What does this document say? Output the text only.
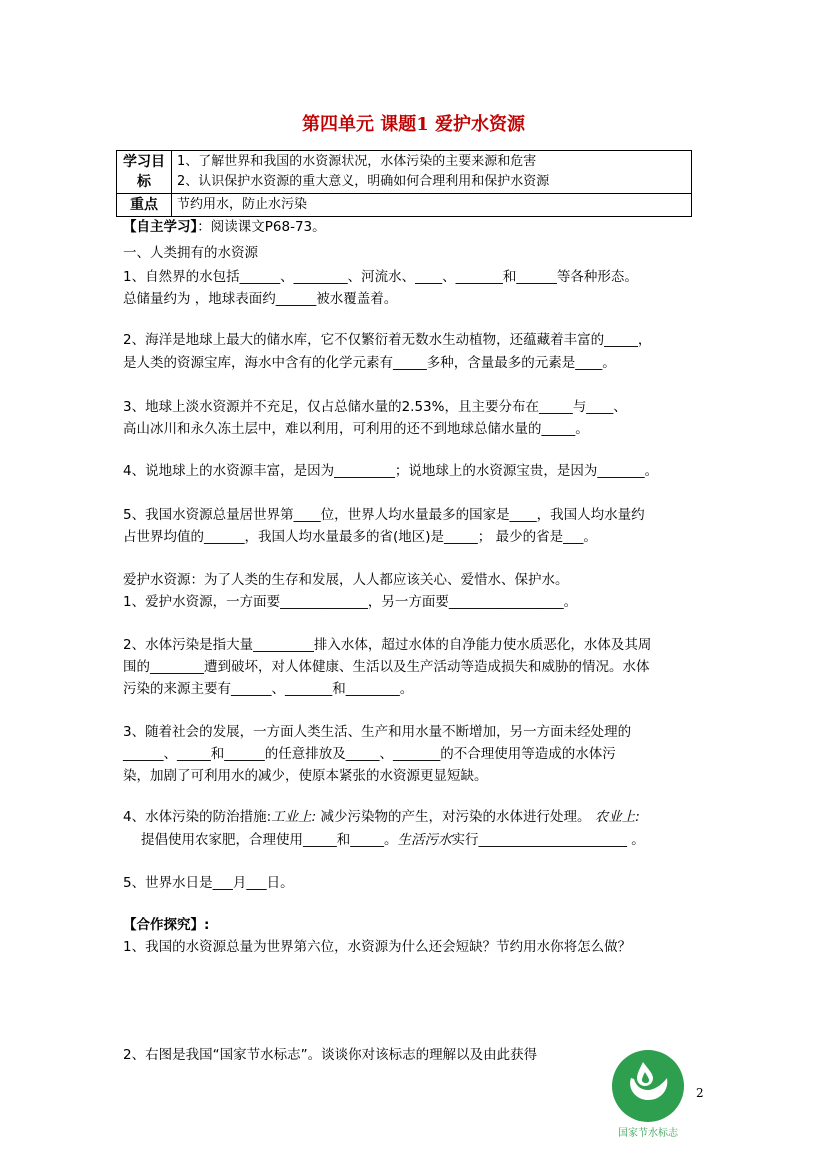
第四单元 课题1 爱护水资源
学习目标	1、了解世界和我国的水资源状况，水体污染的主要来源和危害
2、认识保护水资源的重大意义，明确如何合理利用和保护水资源

重点	节约用水，防止水污染
【自主学习】：阅读课文P68-73。
一、人类拥有的水资源
1、自然界的水包括______、________、河流水、____、_______和______等各种形态。
总储量约为 ，地球表面约______被水覆盖着。
2、海洋是地球上最大的储水库，它不仅繁衍着无数水生动植物，还蕴藏着丰富的_____，
是人类的资源宝库，海水中含有的化学元素有_____多种，含量最多的元素是____。
3、地球上淡水资源并不充足，仅占总储水量的2.53%，且主要分布在_____与____、
高山冰川和永久冻土层中，难以利用，可利用的还不到地球总储水量的_____。
4、说地球上的水资源丰富，是因为_________；说地球上的水资源宝贵，是因为_______。
5、我国水资源总量居世界第____位，世界人均水量最多的国家是____，我国人均水量约
占世界均值的______，我国人均水量最多的省(地区)是_____； 最少的省是___。
爱护水资源：为了人类的生存和发展，人人都应该关心、爱惜水、保护水。
1、爱护水资源，一方面要_____________，另一方面要_________________。
2、水体污染是指大量_________排入水体，超过水体的自净能力使水质恶化，水体及其周
围的________遭到破坏，对人体健康、生活以及生产活动等造成损失和威胁的情况。水体
污染的来源主要有______、_______和________。
3、随着社会的发展，一方面人类生活、生产和用水量不断增加，另一方面未经处理的
______、_____和______的任意排放及_____、_______的不合理使用等造成的水体污
染，加剧了可利用水的减少，使原本紧张的水资源更显短缺。
4、水体污染的防治措施:工业上: 减少污染物的产生，对污染的水体进行处理。 农业上:
提倡使用农家肥，合理使用_____和_____。生活污水实行______________________ 。
5、世界水日是___月___日。
【合作探究】:
1、我国的水资源总量为世界第六位，水资源为什么还会短缺？节约用水你将怎么做？
2、右图是我国“国家节水标志”。谈谈你对该标志的理解以及由此获得
国家节水标志
2
